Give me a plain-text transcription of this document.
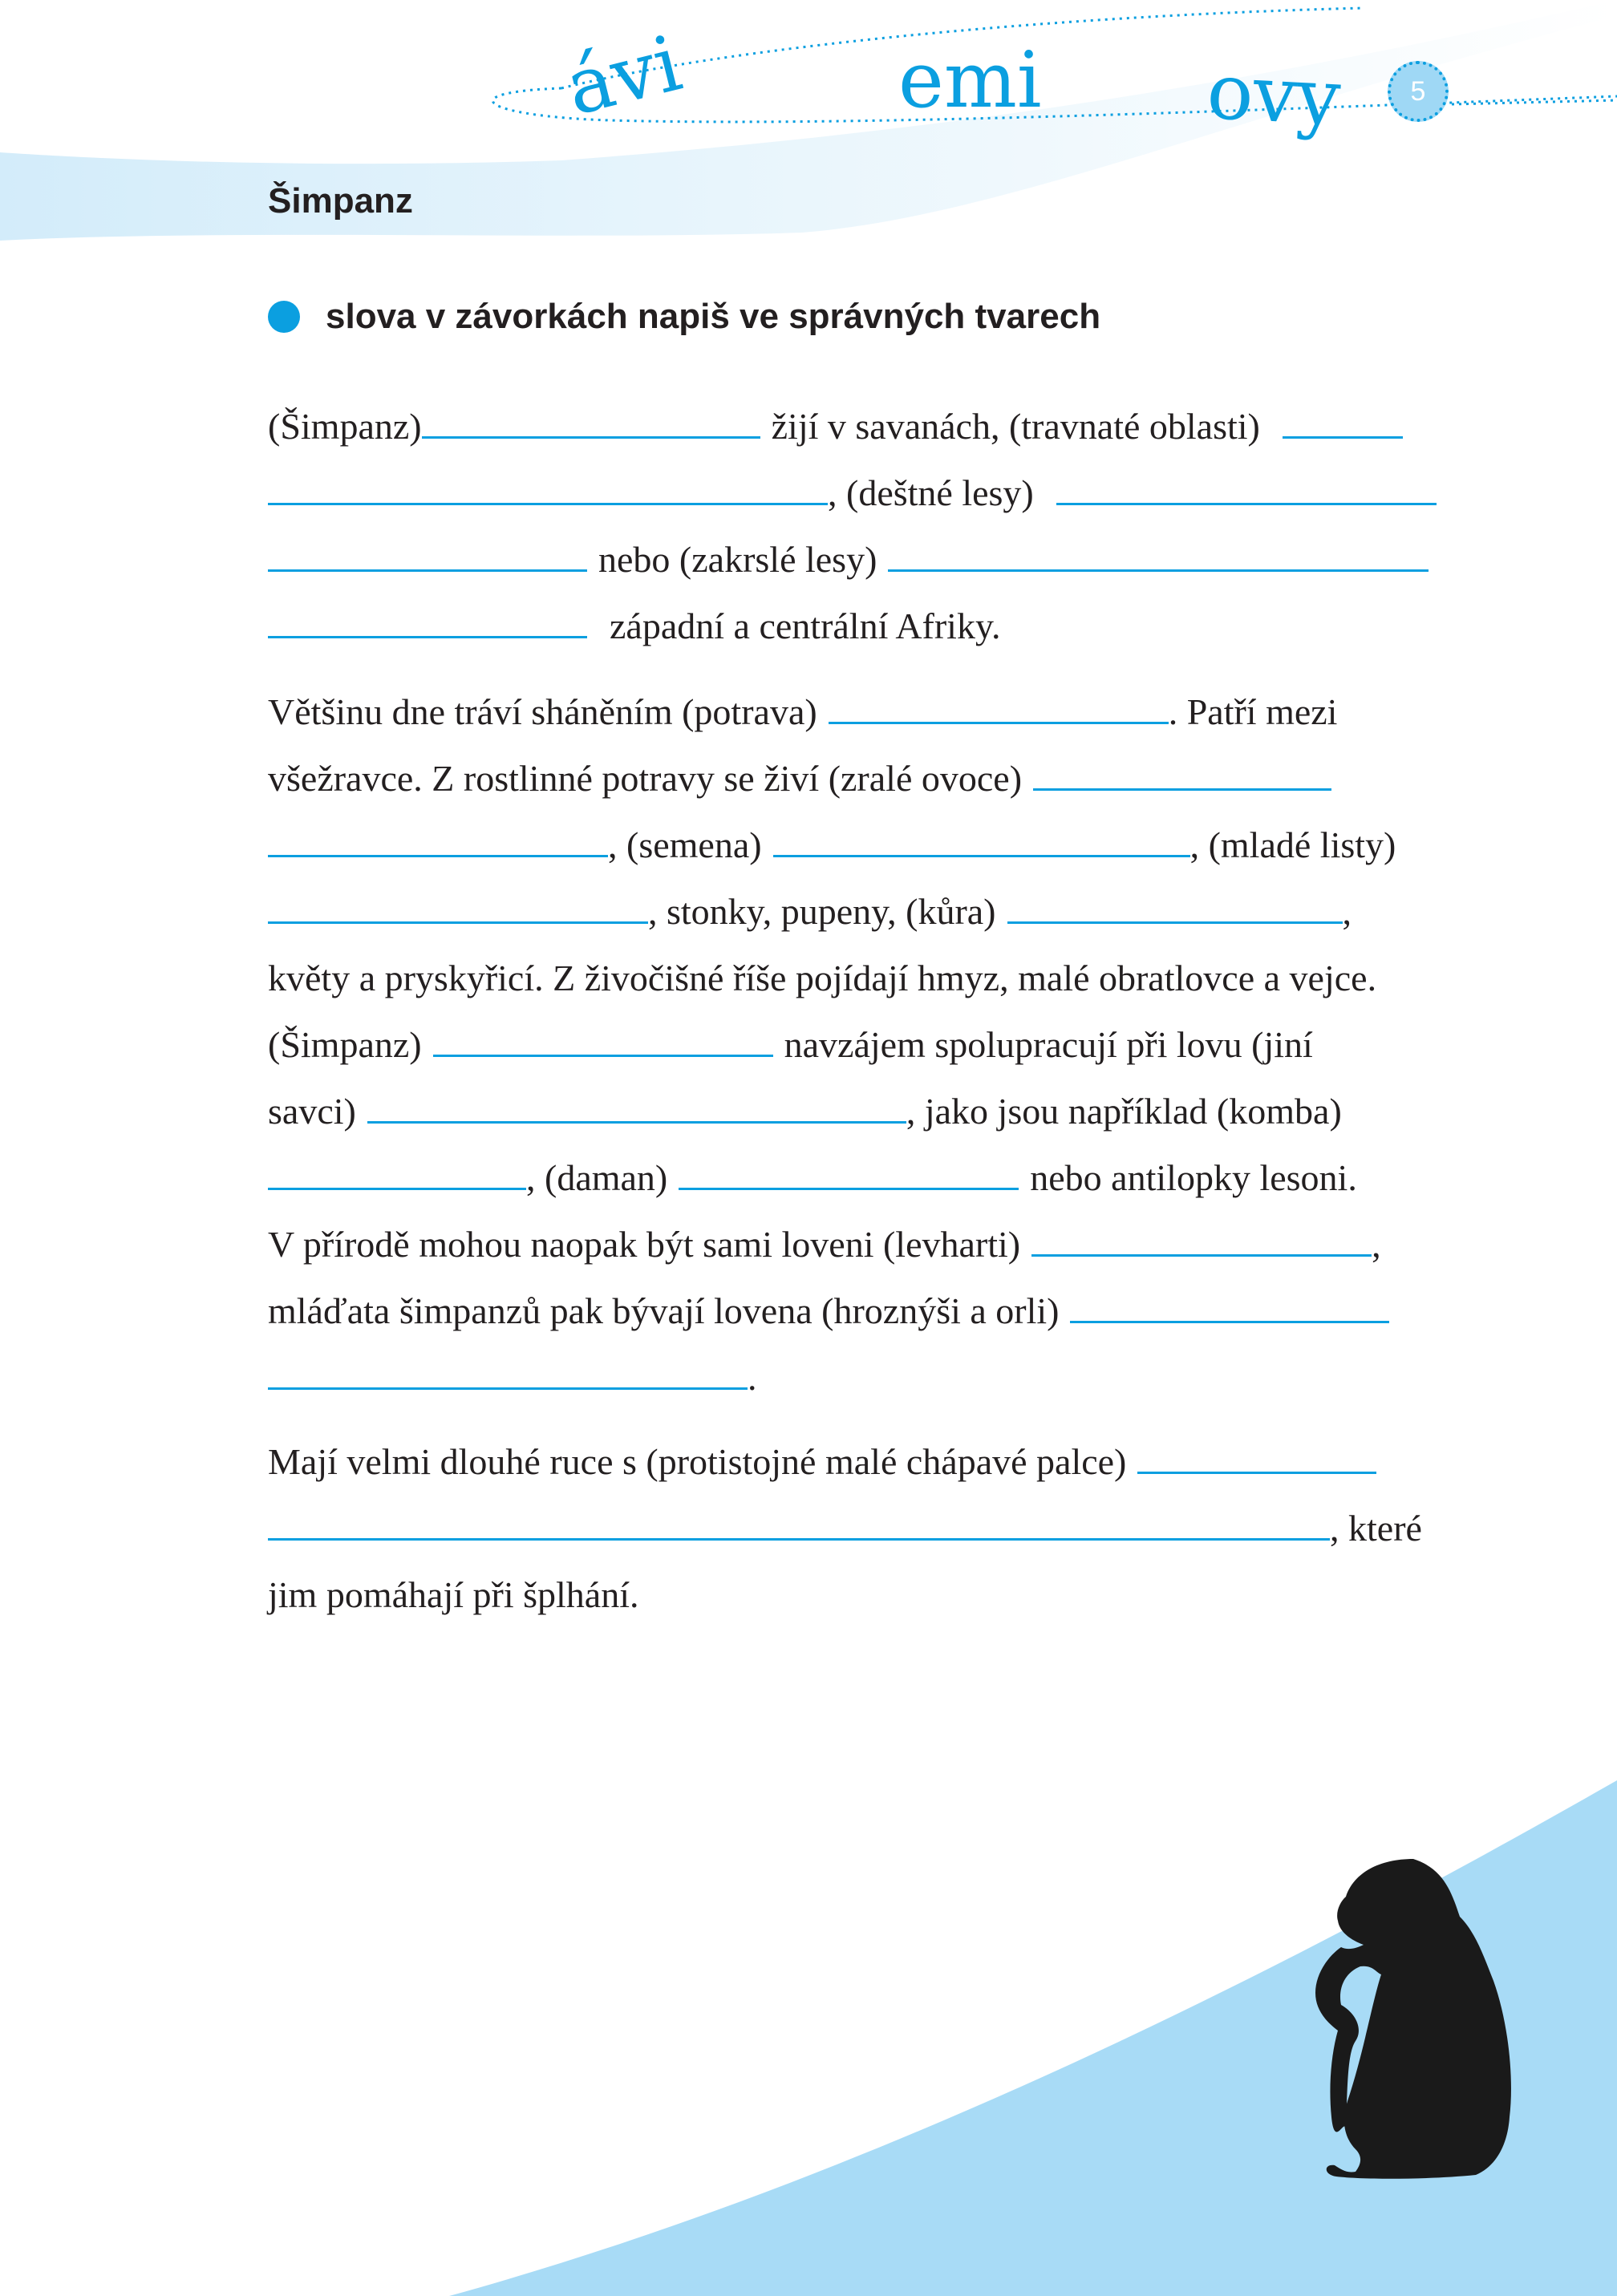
ávi	emi ovy	5
Šimpanz
slova v závorkách napiš ve správných tvarech
(Šimpanz)	žijí v savanách, (travnaté oblasti)
, (deštné lesy)
nebo (zakrslé lesy)
západní a centrální Afriky.
Většinu dne tráví sháněním (potrava)	. Patří mezi
všežravce. Z rostlinné potravy se živí (zralé ovoce)
, (semena)	, (mladé listy)
, stonky, pupeny, (kůra)	,
květy a pryskyřicí. Z živočišné říše pojídají hmyz, malé obratlovce a vejce.
(Šimpanz)	navzájem spolupracují při lovu (jiní
savci)	, jako jsou například (komba)
, (daman)	nebo antilopky lesoni.
V přírodě mohou naopak být sami loveni (levharti)	,
mláďata šimpanzů pak bývají lovena (hroznýši a orli)
.
Mají velmi dlouhé ruce s (protistojné malé chápavé palce)
, které
jim pomáhají při šplhání.
